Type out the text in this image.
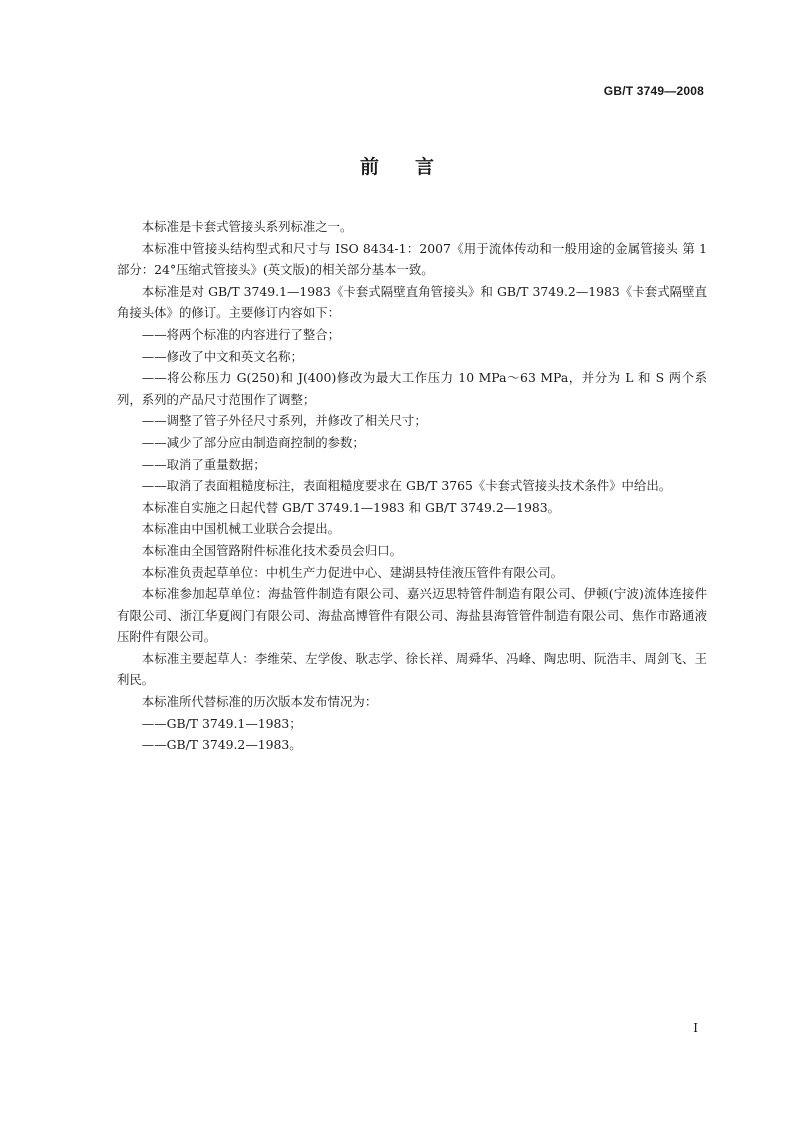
GB/T 3749—2008
前言

本标准是卡套式管接头系列标准之一。

本标准中管接头结构型式和尺寸与 ISO 8434-1：2007《用于流体传动和一般用途的金属管接头 第 1 部分：24°压缩式管接头》(英文版)的相关部分基本一致。

本标准是对 GB/T 3749.1—1983《卡套式隔壁直角管接头》和 GB/T 3749.2—1983《卡套式隔壁直角接头体》的修订。主要修订内容如下：

——将两个标准的内容进行了整合；

——修改了中文和英文名称；

——将公称压力 G(250)和 J(400)修改为最大工作压力 10 MPa～63 MPa，并分为 L 和 S 两个系列，系列的产品尺寸范围作了调整；

——调整了管子外径尺寸系列，并修改了相关尺寸；

——减少了部分应由制造商控制的参数；

——取消了重量数据；

——取消了表面粗糙度标注，表面粗糙度要求在 GB/T 3765《卡套式管接头技术条件》中给出。

本标准自实施之日起代替 GB/T 3749.1—1983 和 GB/T 3749.2—1983。

本标准由中国机械工业联合会提出。

本标准由全国管路附件标准化技术委员会归口。

本标准负责起草单位：中机生产力促进中心、建湖县特佳液压管件有限公司。

本标准参加起草单位：海盐管件制造有限公司、嘉兴迈思特管件制造有限公司、伊顿(宁波)流体连接件有限公司、浙江华夏阀门有限公司、海盐高博管件有限公司、海盐县海管管件制造有限公司、焦作市路通液压附件有限公司。

本标准主要起草人：李维荣、左学俊、耿志学、徐长祥、周舜华、冯峰、陶忠明、阮浩丰、周剑飞、王利民。

本标准所代替标准的历次版本发布情况为：

——GB/T 3749.1—1983；

——GB/T 3749.2—1983。

I
